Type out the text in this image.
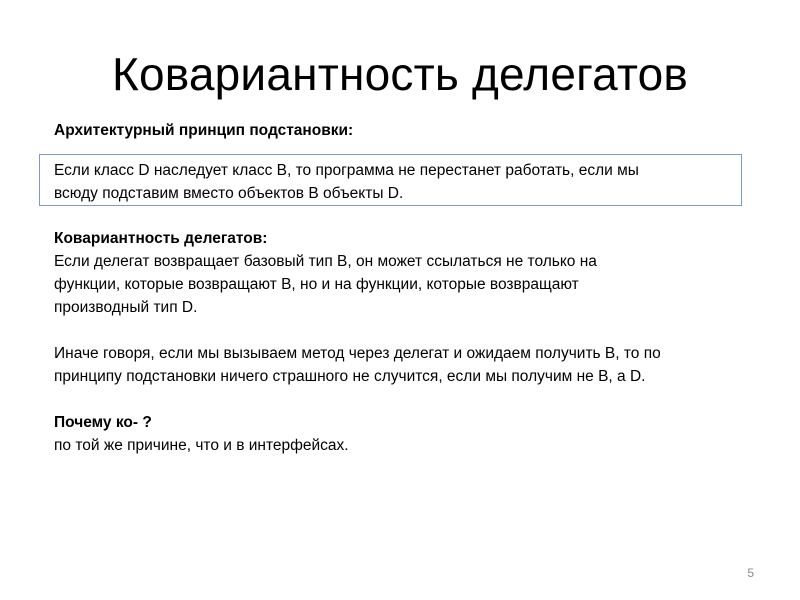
Ковариантность делегатов

Архитектурный принцип подстановки:

Если класс D наследует класс B, то программа не перестанет работать, если мы

всюду подставим вместо объектов B объекты D.

Ковариантность делегатов:

Если делегат возвращает базовый тип B, он может ссылаться не только на

функции, которые возвращают B, но и на функции, которые возвращают

производный тип D.

Иначе говоря, если мы вызываем метод через делегат и ожидаем получить B, то по

принципу подстановки ничего страшного не случится, если мы получим не B, а D.

Почему ко- ?

по той же причине, что и в интерфейсах.

5
